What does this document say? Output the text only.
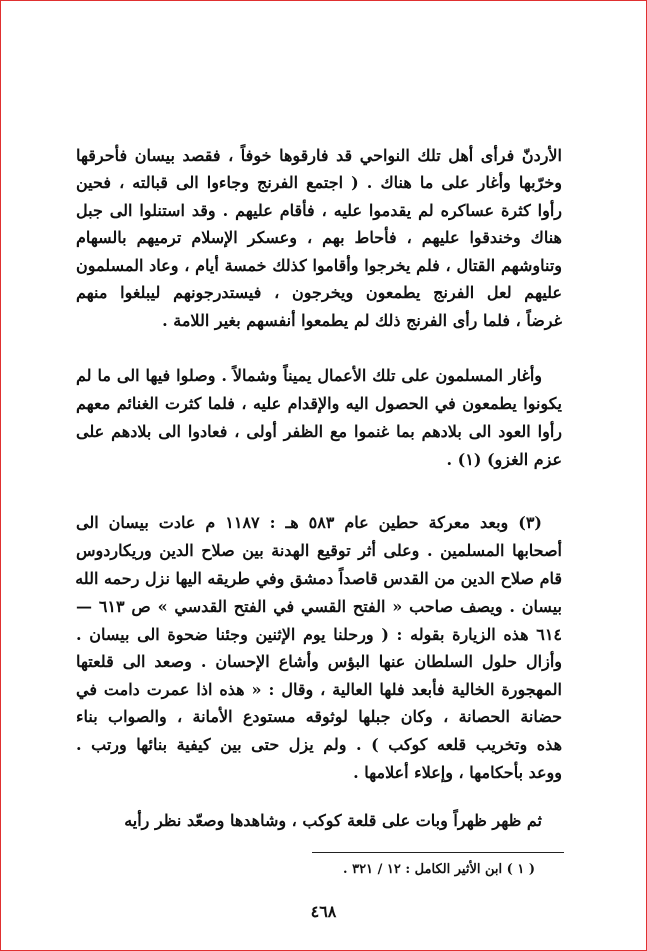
الأردنّ فرأى أهل تلك النواحي قد فارقوها خوفاً ، فقصد بيسان فأحرقها
وخرّبها وأغار على ما هناك . ( اجتمع الفرنج وجاءوا الى قبالته ، فحين
رأوا كثرة عساكره لم يقدموا عليه ، فأقام عليهم . وقد استنلوا الى جبل
هناك وخندقوا عليهم ، فأحاط بهم ، وعسكر الإسلام ترميهم بالسهام
وتناوشهم القتال ، فلم يخرجوا وأقاموا كذلك خمسة أيام ، وعاد المسلمون
عليهم لعل الفرنج يطمعون ويخرجون ، فيستدرجونهم ليبلغوا منهم
غرضاً ، فلما رأى الفرنج ذلك لم يطمعوا أنفسهم بغير اللامة .
وأغار المسلمون على تلك الأعمال يميناً وشمالاً . وصلوا فيها الى ما لم
يكونوا يطمعون في الحصول اليه والإقدام عليه ، فلما كثرت الغنائم معهم
رأوا العود الى بلادهم بما غنموا مع الظفر أولى ، فعادوا الى بلادهم على
عزم الغزو) (١) .
(٣) وبعد معركة حطين عام ٥٨٣ هـ : ١١٨٧ م عادت بيسان الى
أصحابها المسلمين . وعلى أثر توقيع الهدنة بين صلاح الدين وريكاردوس
قام صلاح الدين من القدس قاصداً دمشق وفي طريقه اليها نزل رحمه الله
بيسان . ويصف صاحب « الفتح القسي في الفتح القدسي » ص ٦١٣ —
٦١٤ هذه الزيارة بقوله : ( ورحلنا يوم الإثنين وجئنا ضحوة الى بيسان .
وأزال حلول السلطان عنها البؤس وأشاع الإحسان . وصعد الى قلعتها
المهجورة الخالية فأبعد فلها العالية ، وقال : « هذه اذا عمرت دامت في
حضانة الحصانة ، وكان جبلها لوثوقه مستودع الأمانة ، والصواب بناء
هذه وتخريب قلعه كوكب ) . ولم يزل حتى بين كيفية بنائها ورتب .
ووعد بأحكامها ، وإعلاء أعلامها .
ثم ظهر ظهراً وبات على قلعة كوكب ، وشاهدها وصعّد نظر رأيه
( ١ ) ابن الأثير الكامل : ١٢ / ٣٢١ .
٤٦٨
